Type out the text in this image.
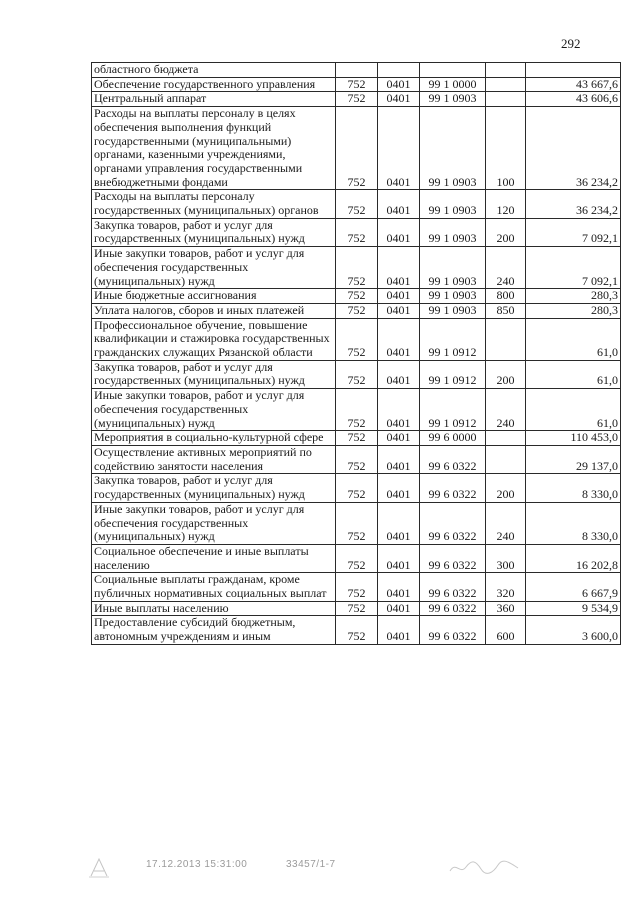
292
областного бюджета					
Обеспечение государственного управления	752	0401	99 1 0000		43 667,6
Центральный аппарат	752	0401	99 1 0903		43 606,6
Расходы на выплаты персоналу в целях обеспечения выполнения функций государственными (муниципальными) органами, казенными учреждениями, органами управления государственными внебюджетными фондами	752	0401	99 1 0903	100	36 234,2
Расходы на выплаты персоналу государственных (муниципальных) органов	752	0401	99 1 0903	120	36 234,2
Закупка товаров, работ и услуг для государственных (муниципальных) нужд	752	0401	99 1 0903	200	7 092,1
Иные закупки товаров, работ и услуг для обеспечения государственных (муниципальных) нужд	752	0401	99 1 0903	240	7 092,1
Иные бюджетные ассигнования	752	0401	99 1 0903	800	280,3
Уплата налогов, сборов и иных платежей	752	0401	99 1 0903	850	280,3
Профессиональное обучение, повышение квалификации и стажировка государственных гражданских служащих Рязанской области	752	0401	99 1 0912		61,0
Закупка товаров, работ и услуг для государственных (муниципальных) нужд	752	0401	99 1 0912	200	61,0
Иные закупки товаров, работ и услуг для обеспечения государственных (муниципальных) нужд	752	0401	99 1 0912	240	61,0
Мероприятия в социально-культурной сфере	752	0401	99 6 0000		110 453,0
Осуществление активных мероприятий по содействию занятости населения	752	0401	99 6 0322		29 137,0
Закупка товаров, работ и услуг для государственных (муниципальных) нужд	752	0401	99 6 0322	200	8 330,0
Иные закупки товаров, работ и услуг для обеспечения государственных (муниципальных) нужд	752	0401	99 6 0322	240	8 330,0
Социальное обеспечение и иные выплаты населению	752	0401	99 6 0322	300	16 202,8
Социальные выплаты гражданам, кроме публичных нормативных социальных выплат	752	0401	99 6 0322	320	6 667,9
Иные выплаты населению	752	0401	99 6 0322	360	9 534,9
Предоставление субсидий бюджетным, автономным учреждениям и иным	752	0401	99 6 0322	600	3 600,0
17.12.2013 15:31:00	33457/1-7
